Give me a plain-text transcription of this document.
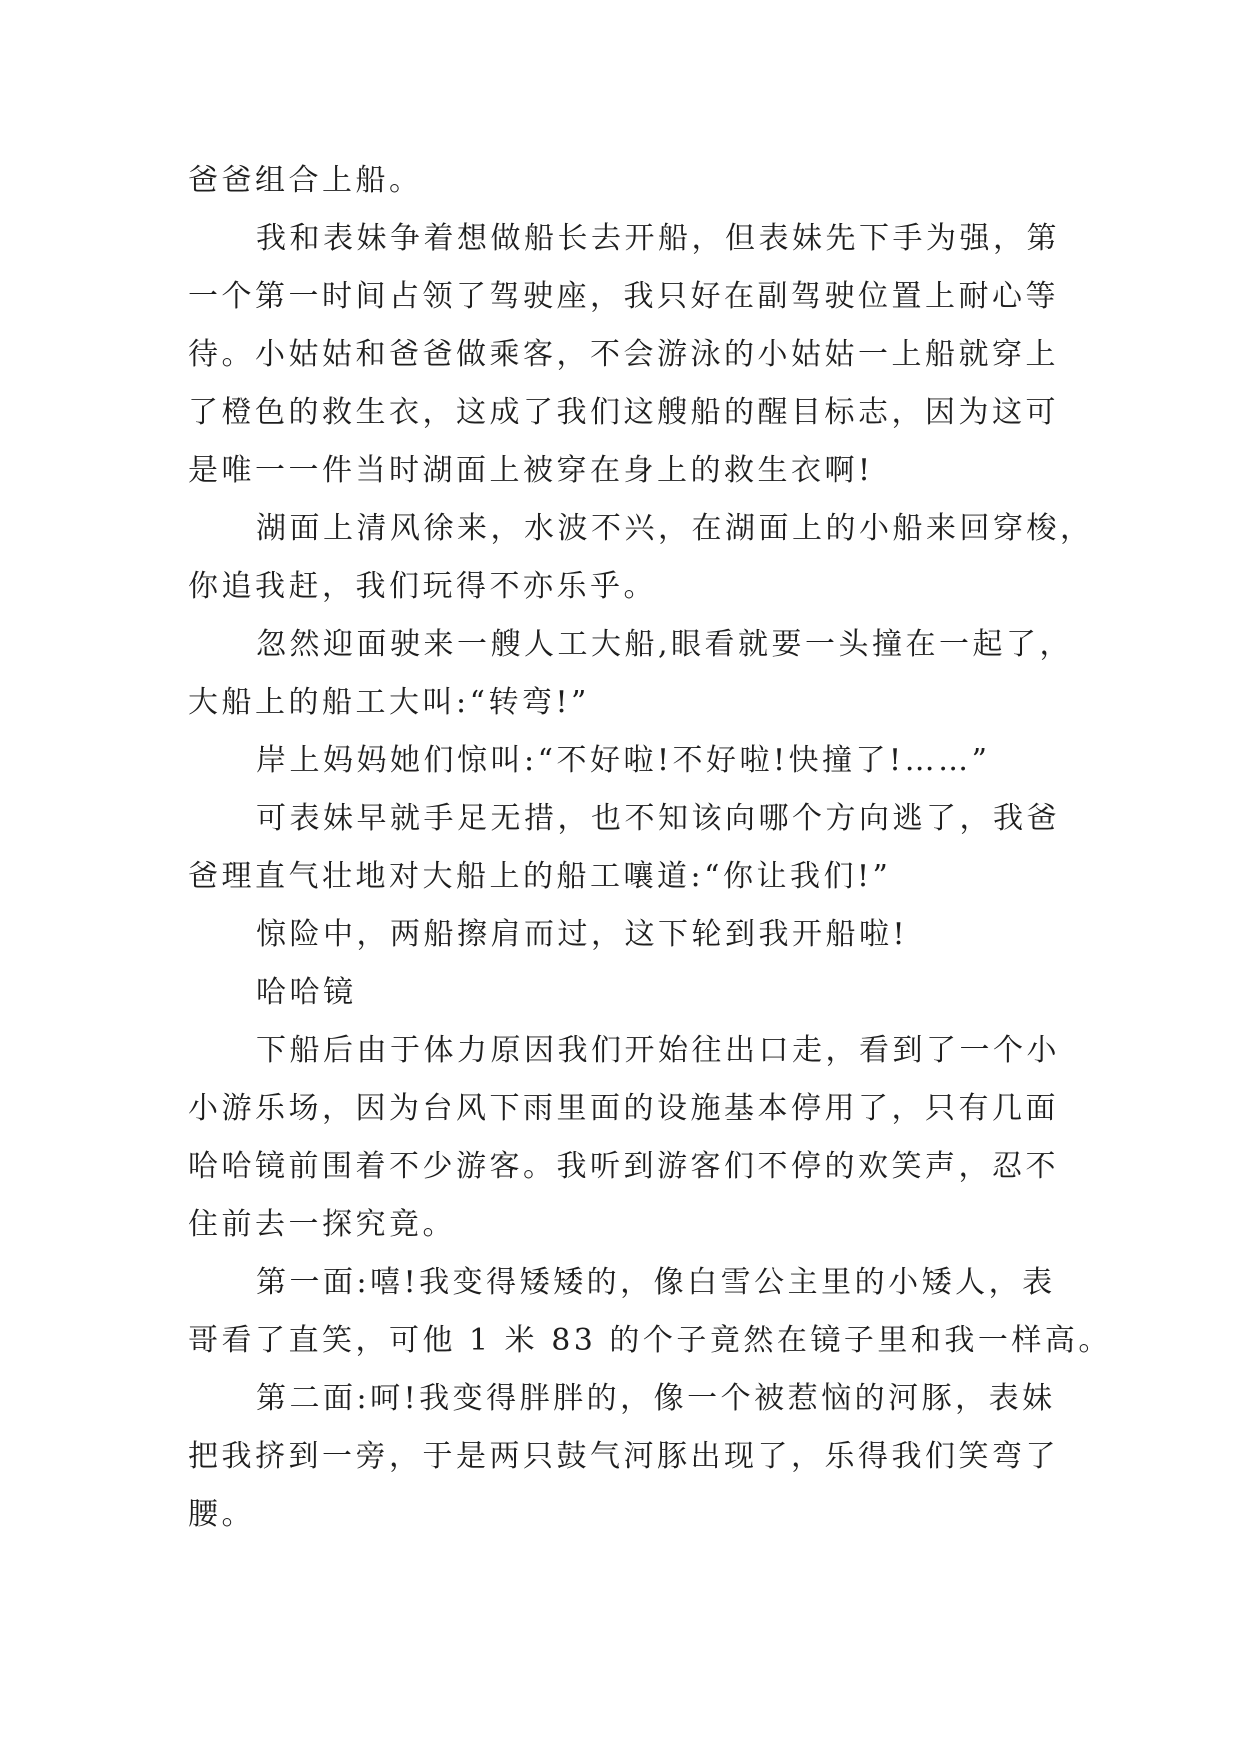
爸爸组合上船。
我和表妹争着想做船长去开船，但表妹先下手为强，第
一个第一时间占领了驾驶座，我只好在副驾驶位置上耐心等
待。小姑姑和爸爸做乘客，不会游泳的小姑姑一上船就穿上
了橙色的救生衣，这成了我们这艘船的醒目标志，因为这可
是唯一一件当时湖面上被穿在身上的救生衣啊!
湖面上清风徐来，水波不兴，在湖面上的小船来回穿梭，
你追我赶，我们玩得不亦乐乎。
忽然迎面驶来一艘人工大船,眼看就要一头撞在一起了，
大船上的船工大叫:“转弯!”
岸上妈妈她们惊叫:“不好啦!不好啦!快撞了!……”
可表妹早就手足无措，也不知该向哪个方向逃了，我爸
爸理直气壮地对大船上的船工嚷道:“你让我们!”
惊险中，两船擦肩而过，这下轮到我开船啦!
哈哈镜
下船后由于体力原因我们开始往出口走，看到了一个小
小游乐场，因为台风下雨里面的设施基本停用了，只有几面
哈哈镜前围着不少游客。我听到游客们不停的欢笑声，忍不
住前去一探究竟。
第一面:嘻!我变得矮矮的，像白雪公主里的小矮人，表
哥看了直笑，可他 1 米 83 的个子竟然在镜子里和我一样高。
第二面:呵!我变得胖胖的，像一个被惹恼的河豚，表妹
把我挤到一旁，于是两只鼓气河豚出现了，乐得我们笑弯了
腰。
